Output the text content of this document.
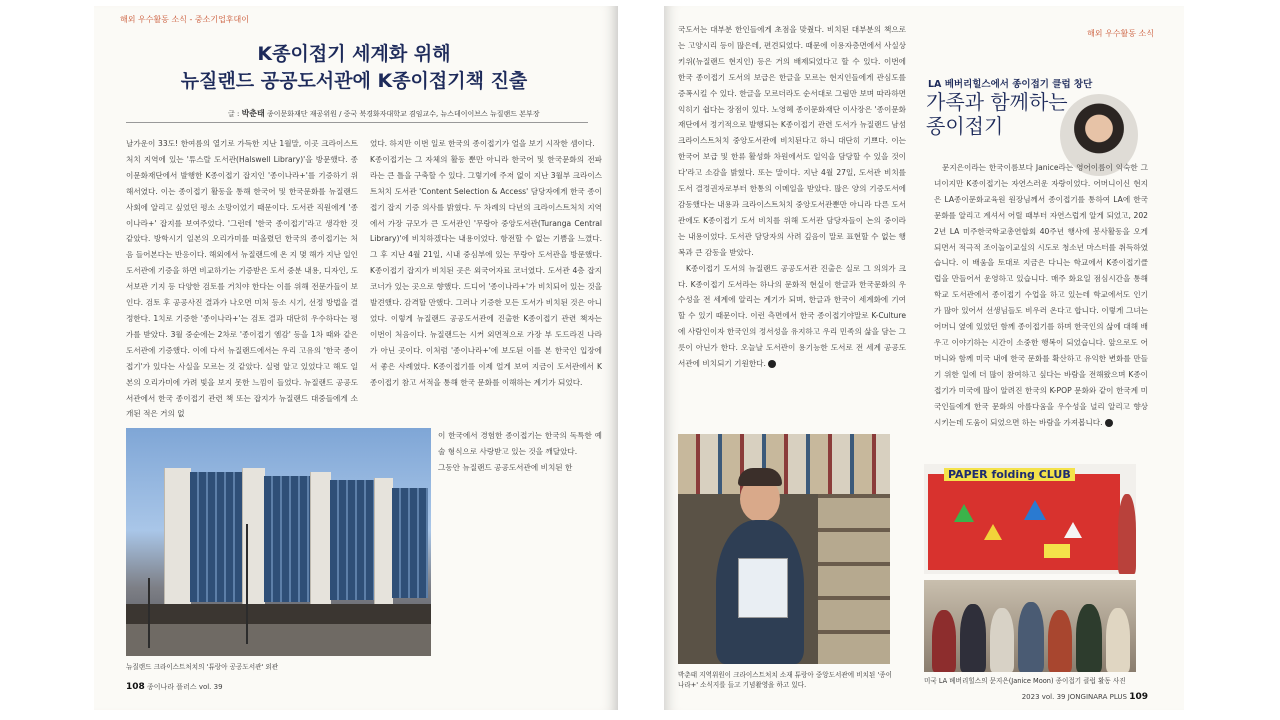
해외 우수활동 소식 - 중소기업후대이
K종이접기 세계화 위해
뉴질랜드 공공도서관에 K종이접기책 진출
글 : 박춘태 종이문화재단 재공위원 / 중국 북경화자대학교 겸임교수, 뉴스데이이브스 뉴질랜드 본부장

날가운이 33도! 한여름의 열기로 가득한 지난 1월말, 이곳 크라이스트처치 지역에 있는 '튜스랄 도서관(Halswell Library)'을 방문했다. 종이문화재단에서 발행한 K종이접기 잡지인 '종이나라+'를 기증하기 위해서였다. 이는 종이접기 활동을 통해 한국어 및 한국문화를 뉴질랜드 사회에 알리고 싶었던 평소 소망이었기 때문이다. 도서관 직원에게 '종이나라+' 잡지를 보여주었다. '그런데 '한국 종이접기'라고 생각한 것 같았다. 방학시기 일본의 오리가미를 떠올렸던 한국의 종이접기는 처음 들어본다는 반응이다. 해외에서 뉴질랜드에 온 지 몇 해가 지난 일인 도서관에 기증을 하면 비교하기는 기증받은 도서 중분 내용, 디자인, 도서보관 기지 등 다양한 검토를 거치야 한다는 이를 위해 전문가들이 보인다. 검토 후 공공사진 결과가 나오면 미처 등소 시기, 선정 방법을 결정한다. 1치로 기증한 '종이나라+'는 검토 결과 대단히 우수하다는 평가를 받았다. 3월 중순에는 2차로 '종이접기 엠감' 등을 1차 때와 같은 도서관에 기증했다. 이에 다서 뉴질랜드에서는 우리 고유의 '한국 종이접기'가 있다는 사실을 모르는 것 같았다. 실령 알고 있었다고 해도 일본의 오리가미에 가려 빛을 보지 못한 느낌이 들었다. 뉴질랜드 공공도서관에서 한국 종이접기 관련 책 또는 잡지가 뉴질랜드 대중들에게 소개된 적은 거의 없

었다. 하지만 이번 일로 한국의 종이접기가 얼을 보기 시작한 셈이다.

K종이접기는 그 자체의 활동 뿐만 아니라 한국어 및 한국문화의 전파라는 큰 틀을 구축할 수 있다. 그렇기에 주저 없이 지난 3월부 크라이스트처치 도서관 'Content Selection & Access' 담당자에게 한국 종이접기 잡지 기증 의사를 밝혔다. 두 차례의 다년의 크라이스트처치 지역에서 가장 규모가 큰 도서관인 '무랑아 중앙도서관(Turanga Central Library)'에 비치하겠다는 내용이었다. 항전할 수 없는 기쁨을 느꼈다. 그 후 지난 4월 21일, 시내 중심부에 있는 무랑아 도서관을 방문했다. K종이접기 잡지가 비치된 곳은 외국어자료 코너였다. 도서관 4층 잡지 코너가 있는 곳으로 향했다. 드디어 '종이나라+'가 비치되어 있는 것을 발견했다. 감격할 만했다. 그러나 기증한 모든 도서가 비치된 것은 아니었다. 이렇게 뉴질랜드 공공도서관에 진출한 K종이접기 관련 책자는 이번이 처음이다. 뉴질랜드는 시커 외면적으로 가장 부 도드라진 나라가 아닌 곳이다. 이처럼 '종이나라+'에 보도된 이를 본 한국인 입장에서 좋은 사례였다. K종이접기를 이제 얼게 보여 지금이 도서관에서 K종이접기 참고 서적을 통해 한국 문화를 이해하는 계기가 되었다.

이 한국에서 경험한 종이접기는 한국의 독특한 예술 형식으로 사랑받고 있는 것을 깨달았다.

그동안 뉴질랜드 공공도서관에 비치된 한

뉴질랜드 크라이스트처치의 '튜랑아 공공도서관' 외관
108 종이나라 플러스 vol. 39
해외 우수활동 소식

국도서는 대부분 한인들에게 초점을 맞췄다. 비치된 대부분의 책으로는 고양시리 등이 많은데, 편견되었다. 때문에 이용자층면에서 사실상 키위(뉴질랜드 현지인) 등은 거의 배제되었다고 할 수 있다. 이번에 한국 종이접기 도서의 보급은 한글을 모르는 현지인들에게 관심도를 증폭시킬 수 있다. 한글을 모르더라도 순서대로 그림만 보며 따라하면 익히기 쉽다는 장점이 있다. 노영혜 종이문화재단 이사장은 '종이문화재단에서 정기적으로 발행되는 K종이접기 관련 도서가 뉴질랜드 남섬 크라이스트처치 중앙도서관에 비치된다고 하니 대단히 기쁘다. 이는 한국어 보급 및 한류 활성화 차원에서도 일익을 담당할 수 있을 것이다'라고 소감을 밝혔다. 또는 말이다. 지난 4월 27일, 도서관 비치를 도서 결정권자로부터 한통의 이메일을 받았다. 많은 양의 기증도서에 감동했다는 내용과 크라이스트처치 중앙도서관뿐만 아니라 다른 도서관에도 K종이접기 도서 비치를 위해 도서관 담당자들이 논의 중이라는 내용이었다. 도서관 담당자의 사려 깊음이 말로 표현할 수 없는 행복과 큰 감동을 받았다.

K종이접기 도서의 뉴질랜드 공공도서관 진출은 실로 그 의의가 크다. K종이접기 도서라는 하나의 문화적 현실이 한글과 한국문화의 우수성을 전 세계에 알리는 계기가 되며, 한글과 한국이 세계화에 기여할 수 있기 때문이다. 이런 측면에서 한국 종이접기야말로 K-Culture에 사람인이자 한국인의 정서성을 유지하고 우리 민족의 삶을 담는 그릇이 아닌가 한다. 오늘날 도서관이 용기능한 도서로 전 세계 공공도서관에 비치되기 기원한다. ✓

박춘태 지역위원이 크라이스트처치 소재 튜랑아 중앙도서관에 비치된 '종이나라+' 소식지를 들고 기념촬영을 하고 있다.
LA 베버리힐스에서 종이접기 클럽 창단
가족과 함께하는
종이접기

문지은이라는 한국이름보다 Janice라는 영어이름이 익숙한 그녀이지만 K종이접기는 자연스러운 자랑이었다. 어머니이신 현지은 LA종이문화교육원 원장님께서 종이접기를 통하여 LA에 한국 문화를 알리고 계셔서 어릴 때부터 자연스럽게 알게 되었고, 2022년 LA 미주한국학교총연합회 40주년 행사에 봉사활동을 오게 되면서 적극적 조이놀이교실의 시도로 청소년 마스터를 취득하였습니다. 이 배움을 토대로 지금은 다니는 학교에서 K종이접기클럽을 만들어서 운영하고 있습니다. 매주 화요일 점심시간을 통해 학교 도서관에서 종이접기 수업을 하고 있는데 학교에서도 인기가 많아 있어서 선생님들도 비우러 온다고 합니다. 이렇게 그녀는 어머니 옆에 있었던 함께 종이접기를 하며 한국인의 삶에 대해 배우고 이야기하는 시간이 소중한 행복이 되었습니다. 앞으로도 어머니와 함께 미국 내에 한국 문화를 확산하고 유익한 변화를 만들기 위한 일에 더 많이 참여하고 싶다는 바람을 전해왔으며 K종이접기가 미국에 많이 알려진 한국의 K-POP 문화와 같이 한국계 미국인들에게 한국 문화의 아름다움을 우수성을 널리 알리고 향상시키는데 도움이 되었으면 하는 바람을 가져봅니다. ✓

PAPER folding CLUB
미국 LA 베버리힐스의 문지은(Janice Moon) 종이접기 클럽 활동 사진
2023 vol. 39 JONGINARA PLUS 109
